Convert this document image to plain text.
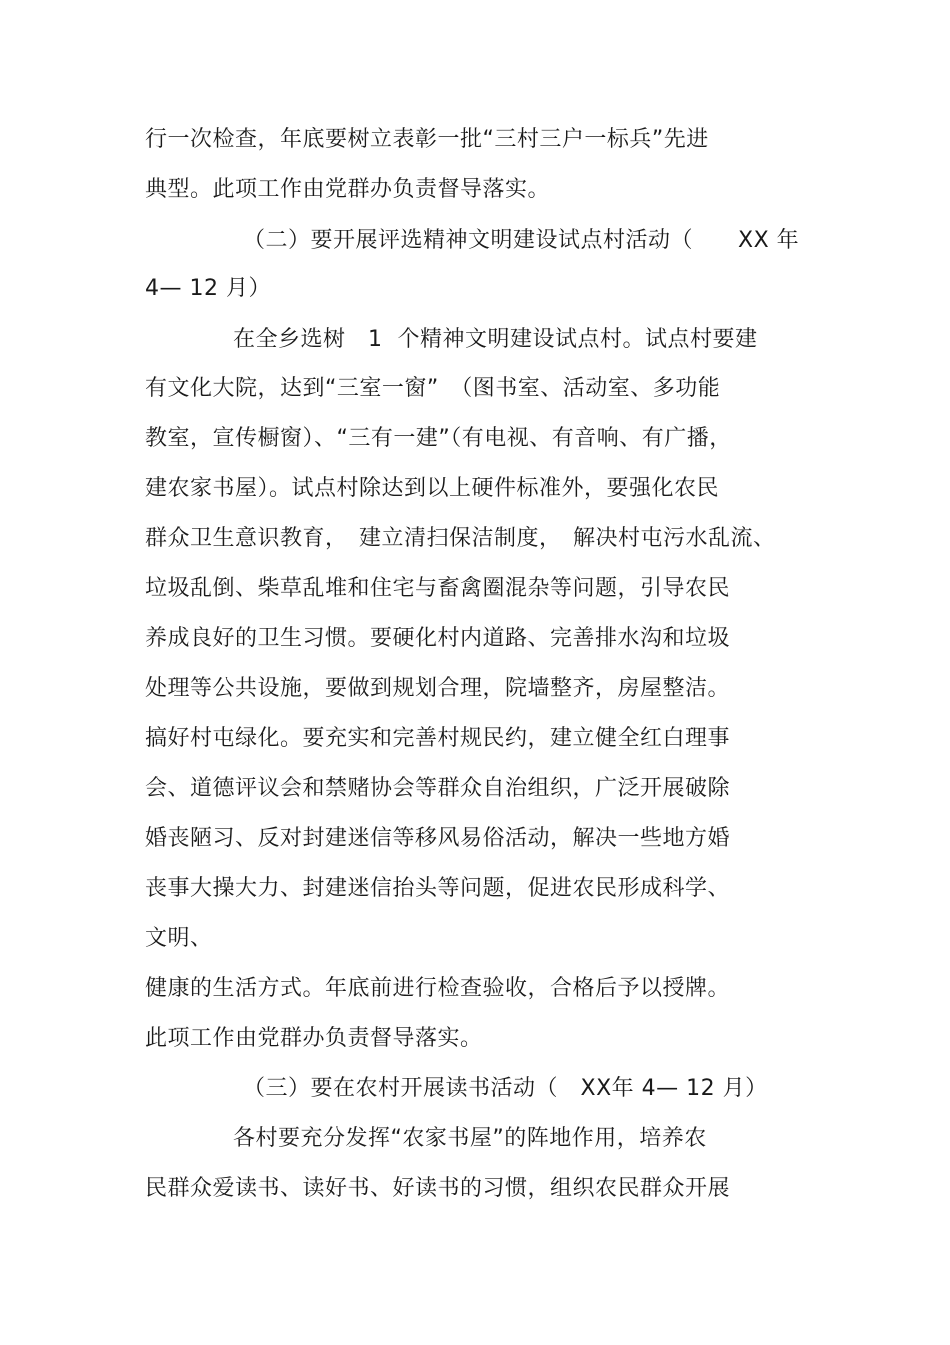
行一次检查，年底要树立表彰一批“三村三户一标兵”先进
典型。此项工作由党群办负责督导落实。
（二）要开展评选精神文明建设试点村活动（　　XX 年
4— 12 月）
在全乡选树　1  个精神文明建设试点村。试点村要建
有文化大院，达到“三室一窗”　（图书室、活动室、多功能
教室，宣传橱窗）、“三有一建”（有电视、有音响、有广播，
建农家书屋）。试点村除达到以上硬件标准外，要强化农民
群众卫生意识教育，　建立清扫保洁制度，　解决村屯污水乱流、
垃圾乱倒、柴草乱堆和住宅与畜禽圈混杂等问题，引导农民
养成良好的卫生习惯。要硬化村内道路、完善排水沟和垃圾
处理等公共设施，要做到规划合理，院墙整齐，房屋整洁。
搞好村屯绿化。要充实和完善村规民约，建立健全红白理事
会、道德评议会和禁赌协会等群众自治组织，广泛开展破除
婚丧陋习、反对封建迷信等移风易俗活动，解决一些地方婚
丧事大操大力、封建迷信抬头等问题，促进农民形成科学、
文明、
健康的生活方式。年底前进行检查验收，合格后予以授牌。
此项工作由党群办负责督导落实。
（三）要在农村开展读书活动（　XX年 4— 12 月）
各村要充分发挥“农家书屋”的阵地作用，培养农
民群众爱读书、读好书、好读书的习惯，组织农民群众开展
